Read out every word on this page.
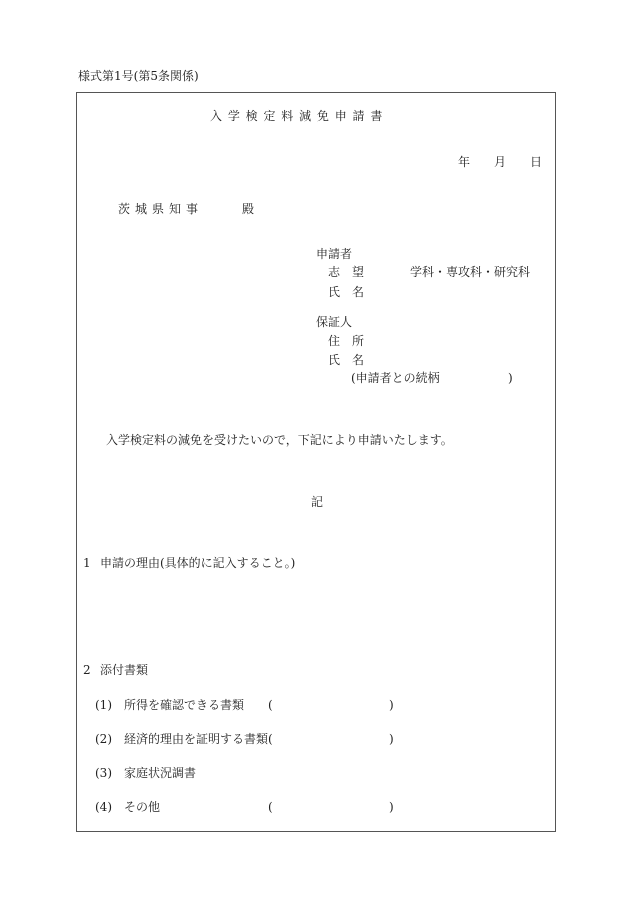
様式第1号(第5条関係)
入 学 検 定 料 減 免 申 請 書
年 月 日
茨城県知事	殿
申請者
志　望	学科・専攻科・研究科
氏　名
保証人
住　所
氏　名
(申請者との続柄	)
入学検定料の減免を受けたいので，下記により申請いたします。
記
1 申請の理由(具体的に記入すること。)
2 添付書類
(1) 所得を確認できる書類 (	)
(2) 経済的理由を証明する書類 (	)
(3) 家庭状況調書
(4) その他	(	)
